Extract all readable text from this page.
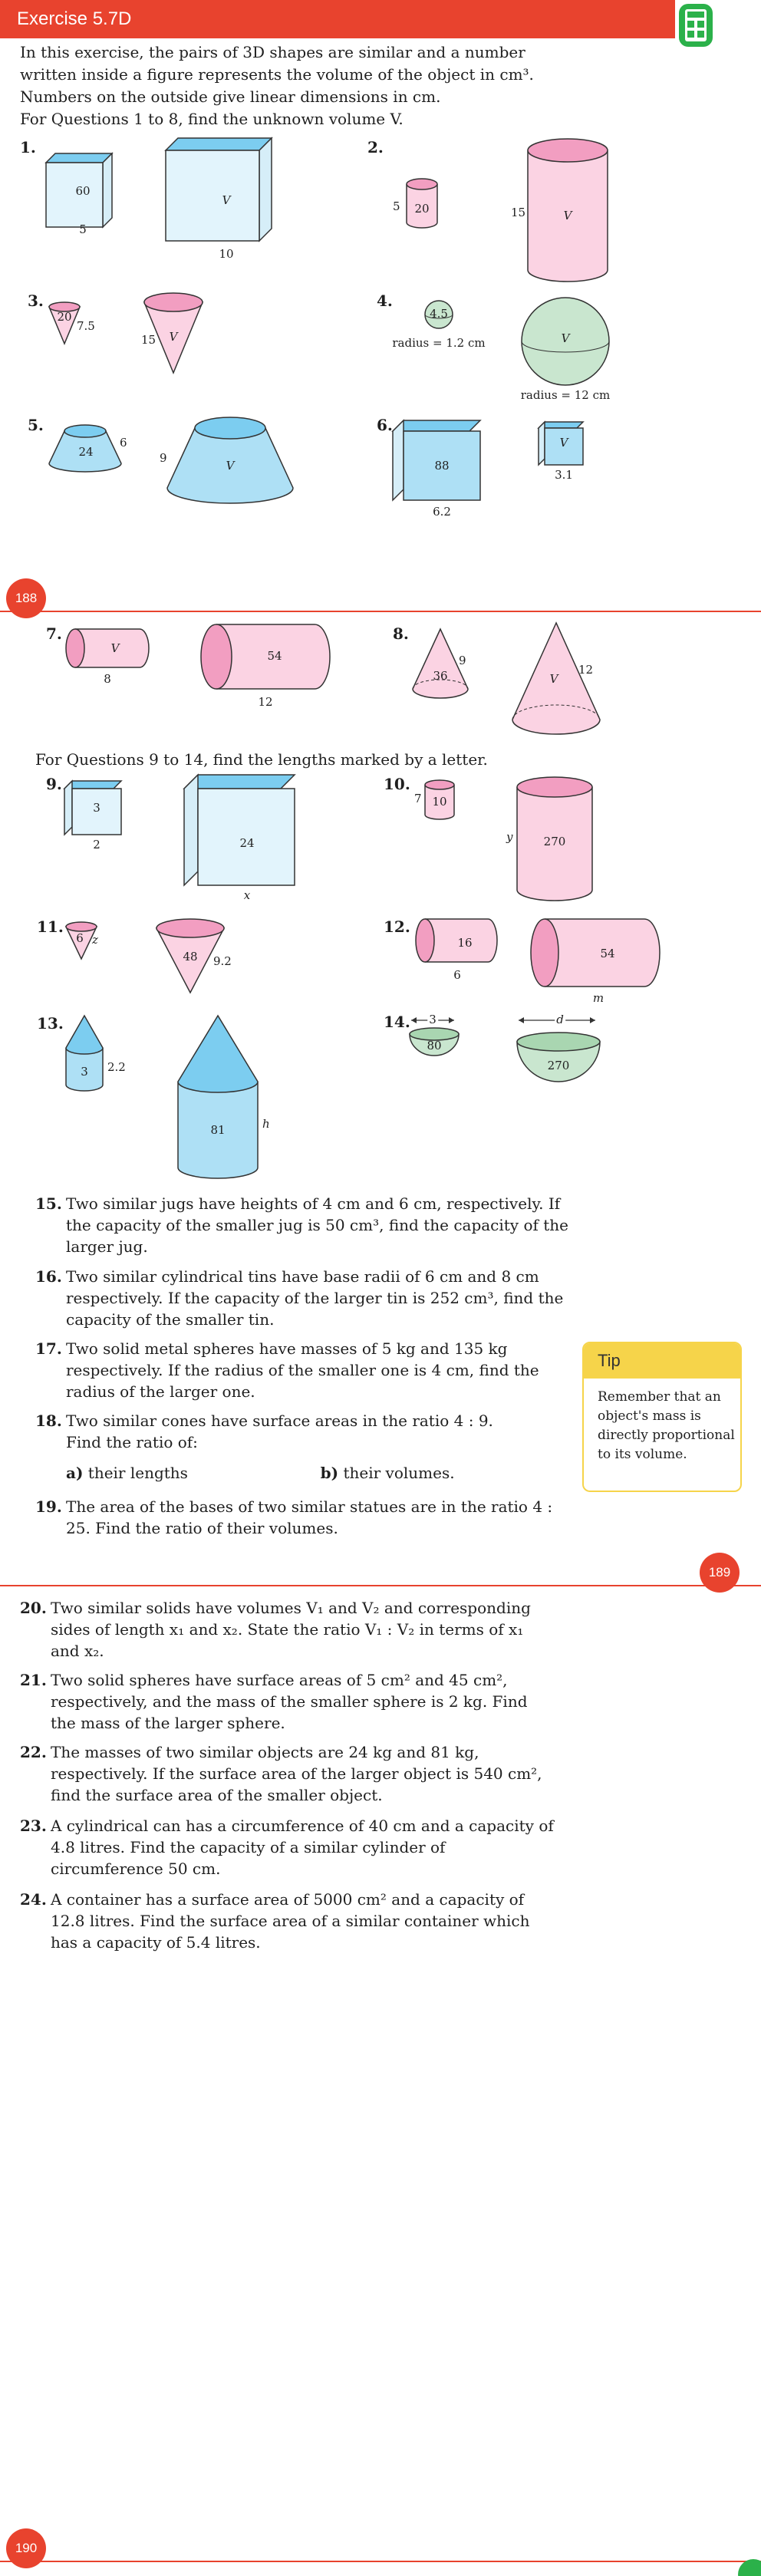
Exercise 5.7D
In this exercise, the pairs of 3D shapes are similar and a number
written inside a figure represents the volume of the object in cm³.
Numbers on the outside give linear dimensions in cm.
For Questions 1 to 8, find the unknown volume V.
1.
60
5
V
10
2.
5 20	15	V
3.
20
7.5
15 V
4.
4.5
radius = 1.2 cm	V
radius = 12 cm
5.
24
6
9
V
6.
88
6.2
V
3.1
188
7.
V
8
54
12
8.
9
36	V
12
For Questions 9 to 14, find the lengths marked by a letter.
9.
3
2	24
x
10.
7 10
y	270
11.
6 z
48 9.2
12.
16
6
54
m
13.
3 2.2
81	h
14. 3
80
d
270
15. Two similar jugs have heights of 4 cm and 6 cm, respectively. If the capacity of the smaller jug is 50 cm³, find the capacity of the larger jug.
16. Two similar cylindrical tins have base radii of 6 cm and 8 cm respectively. If the capacity of the larger tin is 252 cm³, find the capacity of the smaller tin.
17. Two solid metal spheres have masses of 5 kg and 135 kg respectively. If the radius of the smaller one is 4 cm, find the radius of the larger one.
18. Two similar cones have surface areas in the ratio 4 : 9. Find the ratio of:
a) their lengths	b) their volumes.
19. The area of the bases of two similar statues are in the ratio 4 : 25. Find the ratio of their volumes.
Tip
Remember that an object's mass is directly proportional to its volume.
189
20. Two similar solids have volumes V₁ and V₂ and corresponding sides of length x₁ and x₂. State the ratio V₁ : V₂ in terms of x₁ and x₂.
21. Two solid spheres have surface areas of 5 cm² and 45 cm², respectively, and the mass of the smaller sphere is 2 kg. Find the mass of the larger sphere.
22. The masses of two similar objects are 24 kg and 81 kg, respectively. If the surface area of the larger object is 540 cm², find the surface area of the smaller object.
23. A cylindrical can has a circumference of 40 cm and a capacity of 4.8 litres. Find the capacity of a similar cylinder of circumference 50 cm.
24. A container has a surface area of 5000 cm² and a capacity of 12.8 litres. Find the surface area of a similar container which has a capacity of 5.4 litres.
190
